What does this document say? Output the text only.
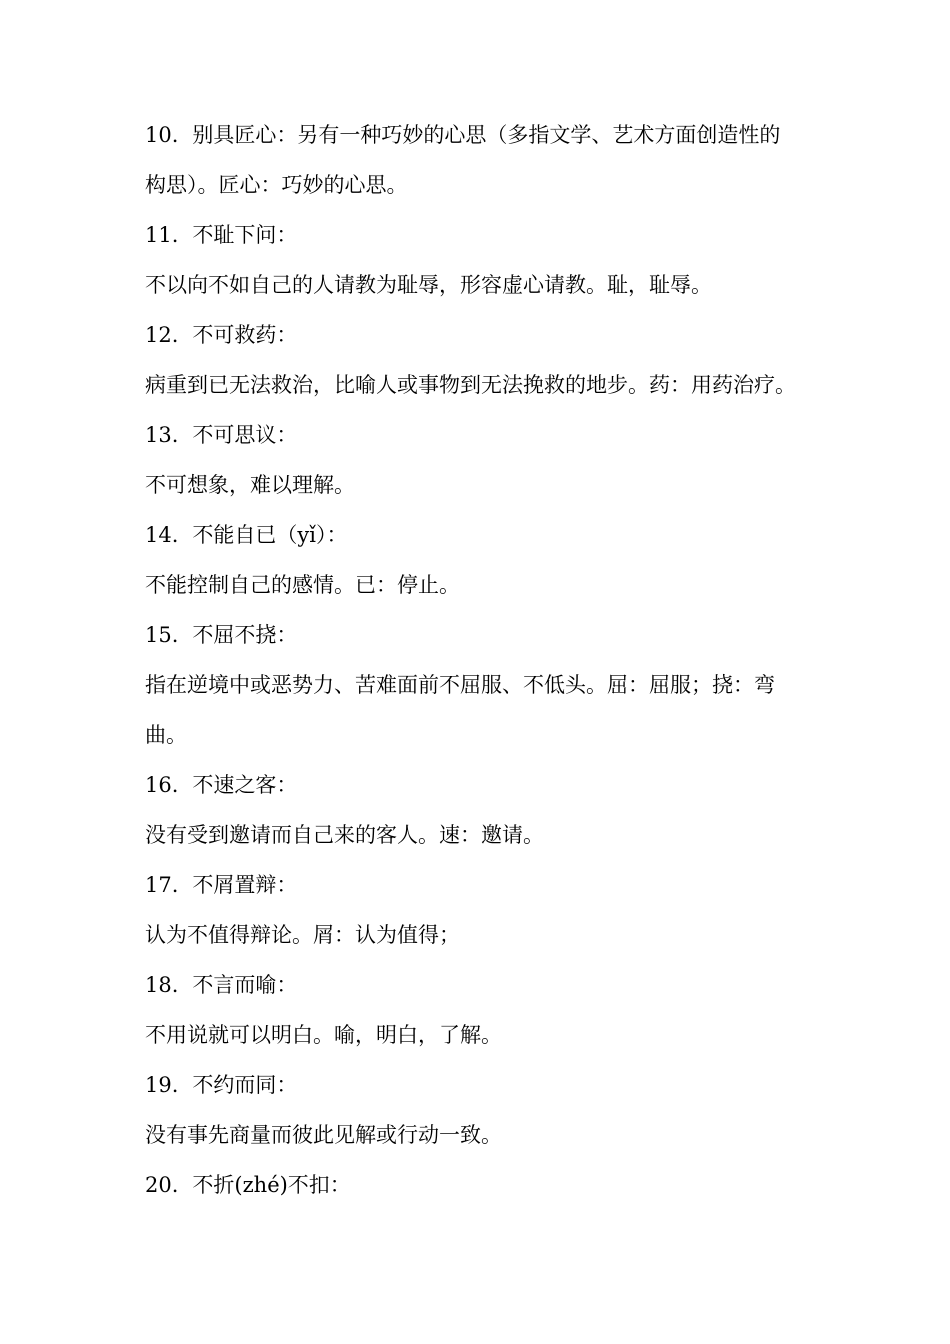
10. 别具匠心：另有一种巧妙的心思（多指文学、艺术方面创造性的
构思）。匠心：巧妙的心思。
11. 不耻下问：
不以向不如自己的人请教为耻辱，形容虚心请教。耻，耻辱。
12. 不可救药：
病重到已无法救治，比喻人或事物到无法挽救的地步。药：用药治疗。
13. 不可思议：
不可想象，难以理解。
14. 不能自已（yǐ）：
不能控制自己的感情。已：停止。
15. 不屈不挠：
指在逆境中或恶势力、苦难面前不屈服、不低头。屈：屈服；挠：弯
曲。
16. 不速之客：
没有受到邀请而自己来的客人。速：邀请。
17. 不屑置辩：
认为不值得辩论。屑：认为值得；
18. 不言而喻：
不用说就可以明白。喻，明白，了解。
19. 不约而同：
没有事先商量而彼此见解或行动一致。
20. 不折(zhé)不扣：
